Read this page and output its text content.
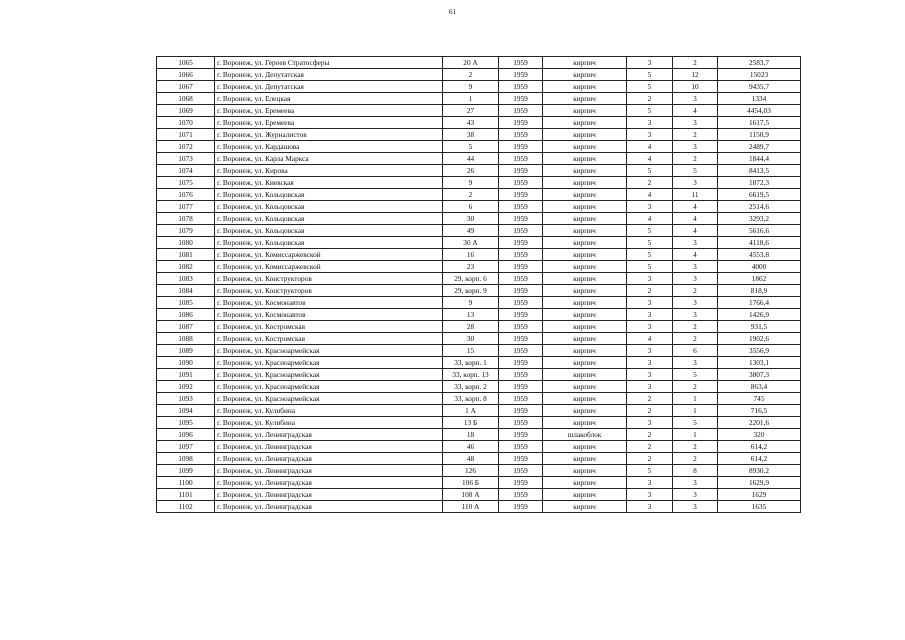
61
1065	г. Воронеж, ул. Героев Стратосферы	20 А	1959	кирпич	3	2	2583,7
1066	г. Воронеж, ул. Депутатская	2	1959	кирпич	5	12	15023
1067	г. Воронеж, ул. Депутатская	9	1959	кирпич	5	10	9435,7
1068	г. Воронеж, ул. Елецкая	1	1959	кирпич	2	3	1334
1069	г. Воронеж, ул. Еремеева	27	1959	кирпич	5	4	4454,03
1070	г. Воронеж, ул. Еремеева	43	1959	кирпич	3	3	1617,5
1071	г. Воронеж, ул. Журналистов	38	1959	кирпич	3	2	1150,9
1072	г. Воронеж, ул. Кардашова	5	1959	кирпич	4	3	2489,7
1073	г. Воронеж, ул. Карла Маркса	44	1959	кирпич	4	2	1844,4
1074	г. Воронеж, ул. Кирова	26	1959	кирпич	5	5	8413,5
1075	г. Воронеж, ул. Киевская	9	1959	кирпич	2	3	1872,3
1076	г. Воронеж, ул. Кольцовская	2	1959	кирпич	4	11	6619,5
1077	г. Воронеж, ул. Кольцовская	6	1959	кирпич	3	4	2514,6
1078	г. Воронеж, ул. Кольцовская	30	1959	кирпич	4	4	3293,2
1079	г. Воронеж, ул. Кольцовская	49	1959	кирпич	5	4	5616,6
1080	г. Воронеж, ул. Кольцовская	30 А	1959	кирпич	5	3	4118,6
1081	г. Воронеж, ул. Комиссаржевской	16	1959	кирпич	5	4	4553,8
1082	г. Воронеж, ул. Комиссаржевской	23	1959	кирпич	5	3	4000
1083	г. Воронеж, ул. Конструкторов	29, корп. 6	1959	кирпич	3	3	1862
1084	г. Воронеж, ул. Конструкторов	29, корп. 9	1959	кирпич	2	2	818,9
1085	г. Воронеж, ул. Космонавтов	9	1959	кирпич	3	3	1766,4
1086	г. Воронеж, ул. Космонавтов	13	1959	кирпич	3	3	1426,9
1087	г. Воронеж, ул. Костромская	28	1959	кирпич	3	2	931,5
1088	г. Воронеж, ул. Костромская	30	1959	кирпич	4	2	1902,6
1089	г. Воронеж, ул. Красноармейская	15	1959	кирпич	3	6	3556,9
1090	г. Воронеж, ул. Красноармейская	33, корп. 1	1959	кирпич	3	3	1303,1
1091	г. Воронеж, ул. Красноармейская	33, корп. 13	1959	кирпич	3	5	3807,3
1092	г. Воронеж, ул. Красноармейская	33, корп. 2	1959	кирпич	3	2	863,4
1093	г. Воронеж, ул. Красноармейская	33, корп. 8	1959	кирпич	2	1	745
1094	г. Воронеж, ул. Кулибина	1 А	1959	кирпич	2	1	716,5
1095	г. Воронеж, ул. Кулибина	13 Б	1959	кирпич	3	5	2201,6
1096	г. Воронеж, ул. Ленинградская	18	1959	шлакоблок	2	1	320
1097	г. Воронеж, ул. Ленинградская	46	1959	кирпич	2	2	614,2
1098	г. Воронеж, ул. Ленинградская	48	1959	кирпич	2	2	614,2
1099	г. Воронеж, ул. Ленинградская	126	1959	кирпич	5	8	8930,2
1100	г. Воронеж, ул. Ленинградская	106 Б	1959	кирпич	3	3	1629,9
1101	г. Воронеж, ул. Ленинградская	108 А	1959	кирпич	3	3	1629
1102	г. Воронеж, ул. Ленинградская	110 А	1959	кирпич	3	3	1635
